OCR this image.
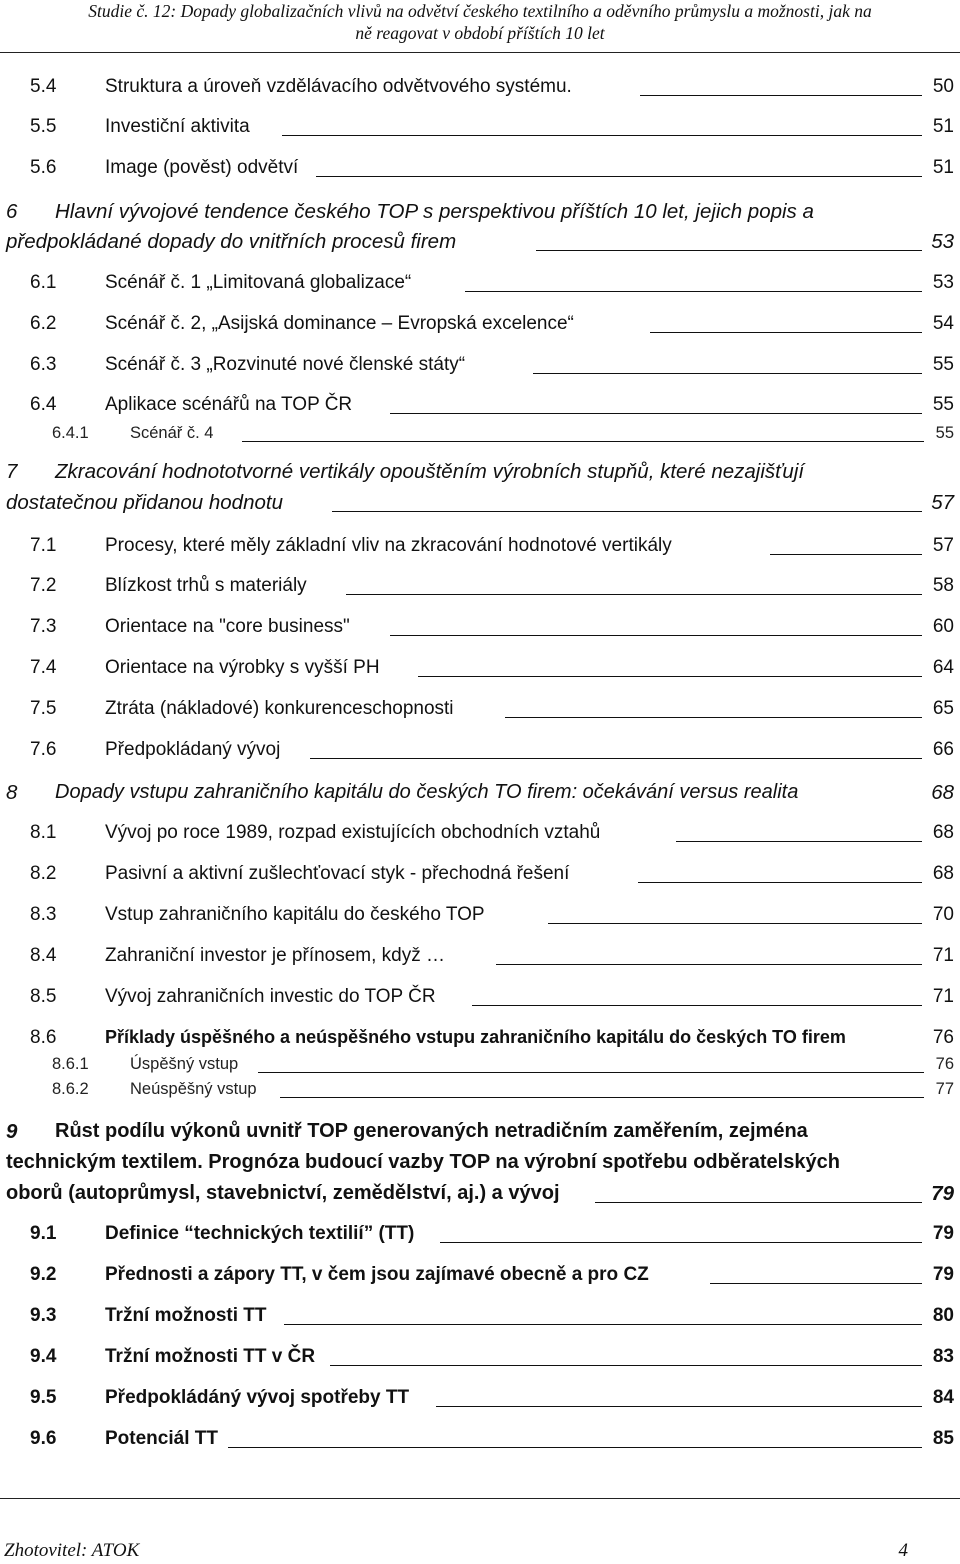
Studie č. 12: Dopady globalizačních vlivů na odvětví českého textilního a oděvního průmyslu a možnosti, jak na
ně reagovat v období příštích 10 let
5.4	Struktura a úroveň vzdělávacího odvětvového systému.	50
5.5	Investiční aktivita	51
5.6	Image (pověst) odvětví	51
6 Hlavní vývojové tendence českého TOP s perspektivou příštích 10 let, jejich popis a
předpokládané dopady do vnitřních procesů firem	53
6.1	Scénář č. 1 „Limitovaná globalizace“	53
6.2	Scénář č. 2, „Asijská dominance – Evropská excelence“	54
6.3	Scénář č. 3 „Rozvinuté nové členské státy“	55
6.4	Aplikace scénářů na TOP ČR	55
6.4.1	Scénář č. 4	55
7 Zkracování hodnototvorné vertikály opouštěním výrobních stupňů, které nezajišťují
dostatečnou přidanou hodnotu	57
7.1	Procesy, které měly základní vliv na zkracování hodnotové vertikály	57
7.2	Blízkost trhů s materiály	58
7.3	Orientace na "core business"	60
7.4	Orientace na výrobky s vyšší PH	64
7.5	Ztráta (nákladové) konkurenceschopnosti	65
7.6	Předpokládaný vývoj	66
8 Dopady vstupu zahraničního kapitálu do českých TO firem: očekávání versus realita	68
8.1	Vývoj po roce 1989, rozpad existujících obchodních vztahů	68
8.2	Pasivní a aktivní zušlechťovací styk - přechodná řešení	68
8.3	Vstup zahraničního kapitálu do českého TOP	70
8.4	Zahraniční investor je přínosem, když …	71
8.5	Vývoj zahraničních investic do TOP ČR	71
8.6	Příklady úspěšného a neúspěšného vstupu zahraničního kapitálu do českých TO firem	76
8.6.1	Úspěšný vstup	76
8.6.2	Neúspěšný vstup	77
9 Růst podílu výkonů uvnitř TOP generovaných netradičním zaměřením, zejména
technickým textilem. Prognóza budoucí vazby TOP na výrobní spotřebu odběratelských
oborů (autoprůmysl, stavebnictví, zemědělství, aj.) a vývoj	79
9.1	Definice “technických textilií” (TT)	79
9.2	Přednosti a zápory TT, v čem jsou zajímavé obecně a pro CZ	79
9.3	Tržní možnosti TT	80
9.4	Tržní možnosti TT v ČR	83
9.5	Předpokládáný vývoj spotřeby TT	84
9.6	Potenciál TT	85
Zhotovitel: ATOK	4
